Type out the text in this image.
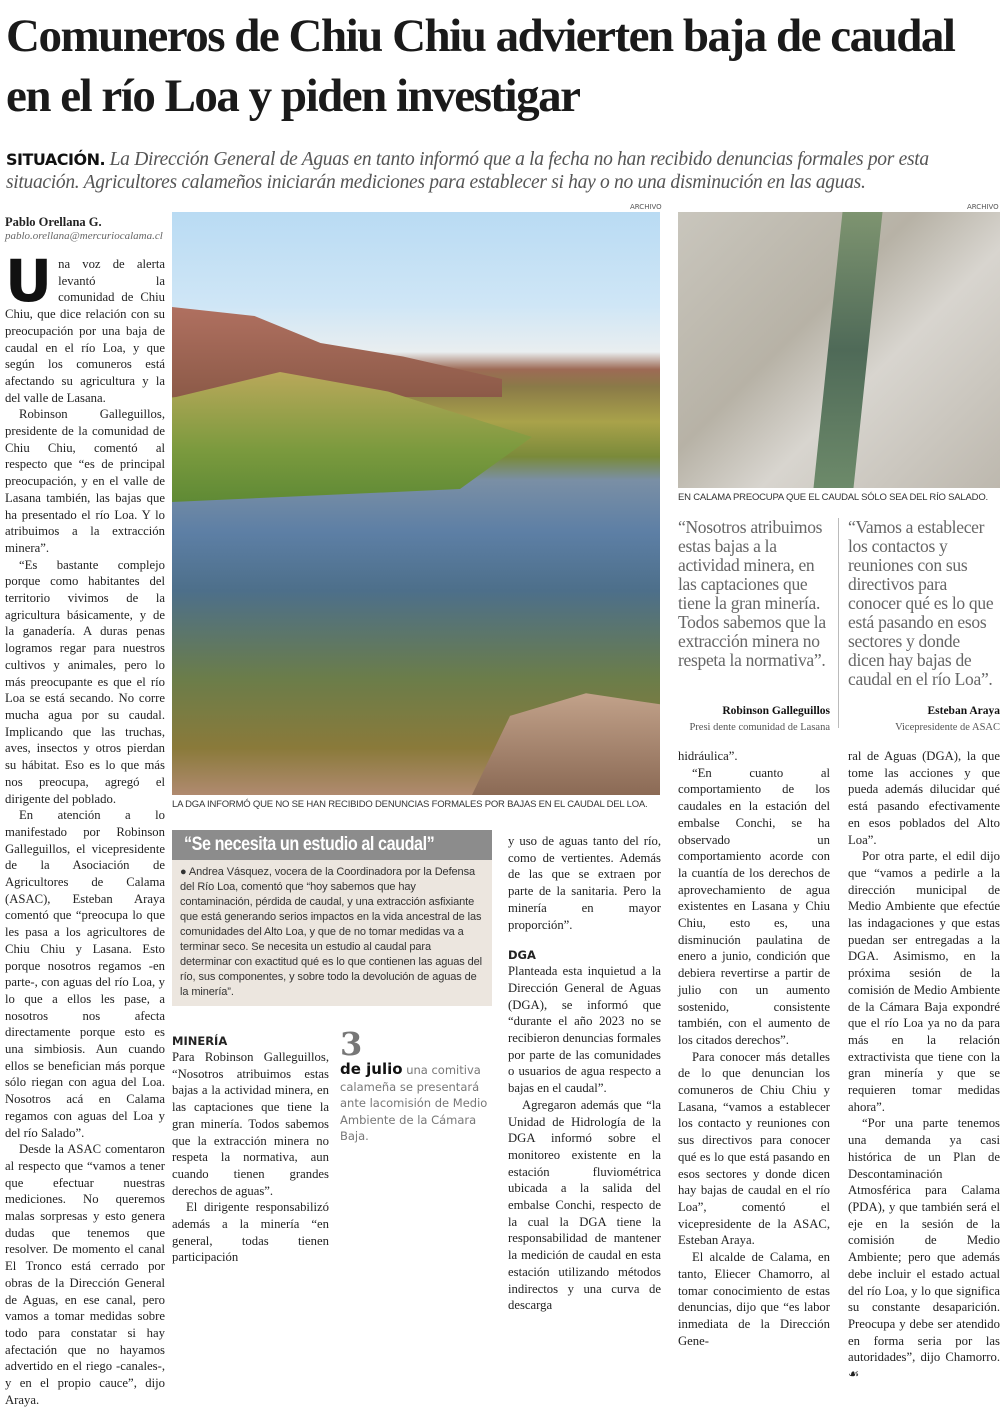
Comuneros de Chiu Chiu advierten baja de caudal en el río Loa y piden investigar
SITUACIÓN. La Dirección General de Aguas en tanto informó que a la fecha no han recibido denuncias formales por esta situación. Agricultores calameños iniciarán mediciones para establecer si hay o no una disminución en las aguas.
Pablo Orellana G.
pablo.orellana@mercuriocalama.cl

Una voz de alerta levantó la comunidad de Chiu Chiu, que dice relación con su preocupación por una baja de caudal en el río Loa, y que según los comuneros está afectando su agricultura y la del valle de Lasana.

Robinson Galleguillos, presidente de la comunidad de Chiu Chiu, comentó al respecto que “es de principal preocupación, y en el valle de Lasana también, las bajas que ha presentado el río Loa. Y lo atribuimos a la extracción minera”.

“Es bastante complejo porque como habitantes del territorio vivimos de la agricultura básicamente, y de la ganadería. A duras penas logramos regar para nuestros cultivos y animales, pero lo más preocupante es que el río Loa se está secando. No corre mucha agua por su caudal. Implicando que las truchas, aves, insectos y otros pierdan su hábitat. Eso es lo que más nos preocupa, agregó el dirigente del poblado.

En atención a lo manifestado por Robinson Galleguillos, el vicepresidente de la Asociación de Agricultores de Calama (ASAC), Esteban Araya comentó que “preocupa lo que les pasa a los agricultores de Chiu Chiu y Lasana. Esto porque nosotros regamos -en parte-, con aguas del río Loa, y lo que a ellos les pase, a nosotros nos afecta directamente porque esto es una simbiosis. Aun cuando ellos se benefician más porque sólo riegan con agua del Loa. Nosotros acá en Calama regamos con aguas del Loa y del río Salado”.

Desde la ASAC comentaron al respecto que “vamos a tener que efectuar nuestras mediciones. No queremos malas sorpresas y esto genera dudas que tenemos que resolver. De momento el canal El Tronco está cerrado por obras de la Dirección General de Aguas, en ese canal, pero vamos a tomar medidas sobre todo para constatar si hay afectación que no hayamos advertido en el riego -canales-, y en el propio cauce”, dijo Araya.

ARCHIVO
LA DGA INFORMÓ QUE NO SE HAN RECIBIDO DENUNCIAS FORMALES POR BAJAS EN EL CAUDAL DEL LOA.
ARCHIVO
EN CALAMA PREOCUPA QUE EL CAUDAL SÓLO SEA DEL RÍO SALADO.
“Se necesita un estudio al caudal”
● Andrea Vásquez, vocera de la Coordinadora por la Defensa del Río Loa, comentó que “hoy sabemos que hay contaminación, pérdida de caudal, y una extracción asfixiante que está generando serios impactos en la vida ancestral de las comunidades del Alto Loa, y que de no tomar medidas va a terminar seco. Se necesita un estudio al caudal para determinar con exactitud qué es lo que contienen las aguas del río, sus componentes, y sobre todo la devolución de aguas de la minería”.
MINERÍA

Para Robinson Galleguillos, “Nosotros atribuimos estas bajas a la actividad minera, en las captaciones que tiene la gran minería. Todos sabemos que la extracción minera no respeta la normativa, aun cuando tienen grandes derechos de aguas”.

El dirigente responsabilizó además a la minería “en general, todas tienen participación

3
de julio una comitiva calameña se presentará ante lacomisión de Medio Ambiente de la Cámara Baja.

y uso de aguas tanto del río, como de vertientes. Además de las que se extraen por parte de la sanitaria. Pero la minería en mayor proporción”.

DGA

Planteada esta inquietud a la Dirección General de Aguas (DGA), se informó que “durante el año 2023 no se recibieron denuncias formales por parte de las comunidades o usuarios de agua respecto a bajas en el caudal”.

Agregaron además que “la Unidad de Hidrología de la DGA informó sobre el monitoreo existente en la estación fluviométrica ubicada a la salida del embalse Conchi, respecto de la cual la DGA tiene la responsabilidad de mantener la medición de caudal en esta estación utilizando métodos indirectos y una curva de descarga

“Nosotros atribuimos estas bajas a la actividad minera, en las captaciones que tiene la gran minería. Todos sabemos que la extracción minera no respeta la normativa”.
“Vamos a establecer los contactos y reuniones con sus directivos para conocer qué es lo que está pasando en esos sectores y donde dicen hay bajas de caudal en el río Loa”.
Robinson Galleguillos
Presi dente comunidad de Lasana
Esteban Araya
Vicepresidente de ASAC

hidráulica”.

“En cuanto al comportamiento de los caudales en la estación del embalse Conchi, se ha observado un comportamiento acorde con la cuantía de los derechos de aprovechamiento de agua existentes en Lasana y Chiu Chiu, esto es, una disminución paulatina de enero a junio, condición que debiera revertirse a partir de julio con un aumento sostenido, consistente también, con el aumento de los citados derechos”.

Para conocer más detalles de lo que denuncian los comuneros de Chiu Chiu y Lasana, “vamos a establecer los contacto y reuniones con sus directivos para conocer qué es lo que está pasando en esos sectores y donde dicen hay bajas de caudal en el río Loa”, comentó el vicepresidente de la ASAC, Esteban Araya.

El alcalde de Calama, en tanto, Eliecer Chamorro, al tomar conocimiento de estas denuncias, dijo que “es labor inmediata de la Dirección Gene-

ral de Aguas (DGA), la que tome las acciones y que pueda además dilucidar qué está pasando efectivamente en esos poblados del Alto Loa”.

Por otra parte, el edil dijo que “vamos a pedirle a la dirección municipal de Medio Ambiente que efectúe las indagaciones y que estas puedan ser entregadas a la DGA. Asimismo, en la próxima sesión de la comisión de Medio Ambiente de la Cámara Baja expondré que el río Loa ya no da para más en la relación extractivista que tiene con la gran minería y que se requieren tomar medidas ahora”.

“Por una parte tenemos una demanda ya casi histórica de un Plan de Descontaminación Atmosférica para Calama (PDA), y que también será el eje en la sesión de la comisión de Medio Ambiente; pero que además debe incluir el estado actual del río Loa, y lo que significa su constante desaparición. Preocupa y debe ser atendido en forma seria por las autoridades”, dijo Chamorro. ☙
